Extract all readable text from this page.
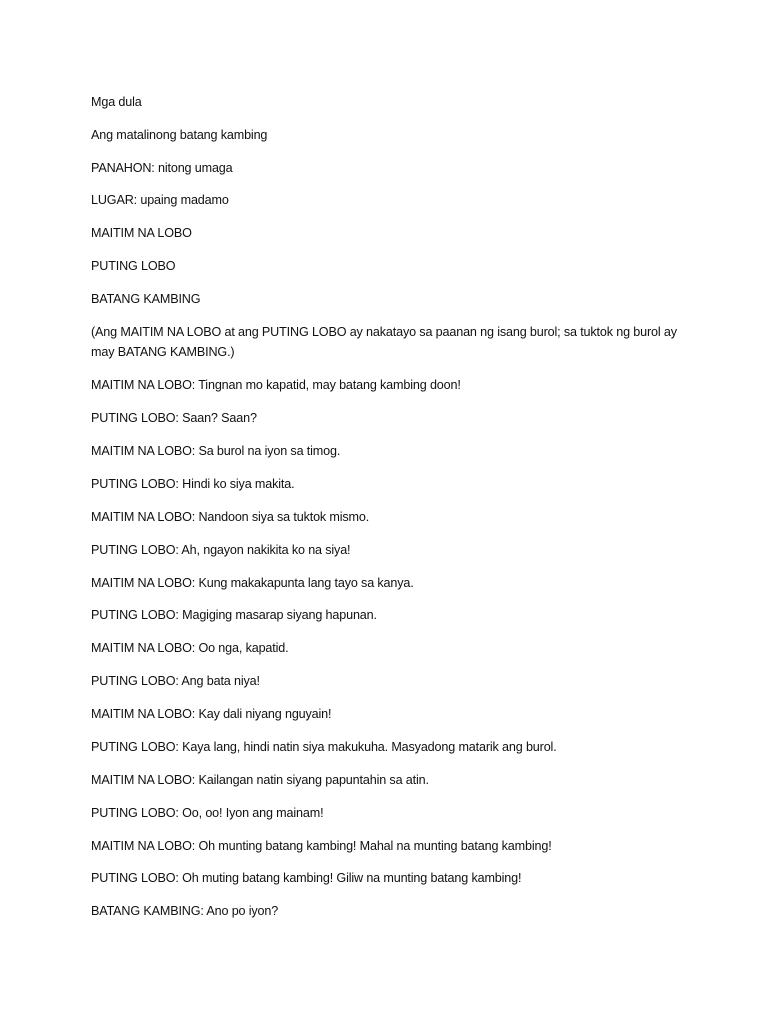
Mga dula
Ang matalinong batang kambing
PANAHON: nitong umaga
LUGAR: upaing madamo
MAITIM NA LOBO
PUTING LOBO
BATANG KAMBING
(Ang MAITIM NA LOBO at ang PUTING LOBO ay nakatayo sa paanan ng isang burol; sa tuktok ng burol ay may BATANG KAMBING.)
MAITIM NA LOBO: Tingnan mo kapatid, may batang kambing doon!
PUTING LOBO: Saan? Saan?
MAITIM NA LOBO: Sa burol na iyon sa timog.
PUTING LOBO: Hindi ko siya makita.
MAITIM NA LOBO: Nandoon siya sa tuktok mismo.
PUTING LOBO: Ah, ngayon nakikita ko na siya!
MAITIM NA LOBO: Kung makakapunta lang tayo sa kanya.
PUTING LOBO: Magiging masarap siyang hapunan.
MAITIM NA LOBO: Oo nga, kapatid.
PUTING LOBO: Ang bata niya!
MAITIM NA LOBO: Kay dali niyang nguyain!
PUTING LOBO: Kaya lang, hindi natin siya makukuha. Masyadong matarik ang burol.
MAITIM NA LOBO: Kailangan natin siyang papuntahin sa atin.
PUTING LOBO: Oo, oo! Iyon ang mainam!
MAITIM NA LOBO: Oh munting batang kambing! Mahal na munting batang kambing!
PUTING LOBO: Oh muting batang kambing! Giliw na munting batang kambing!
BATANG KAMBING: Ano po iyon?
